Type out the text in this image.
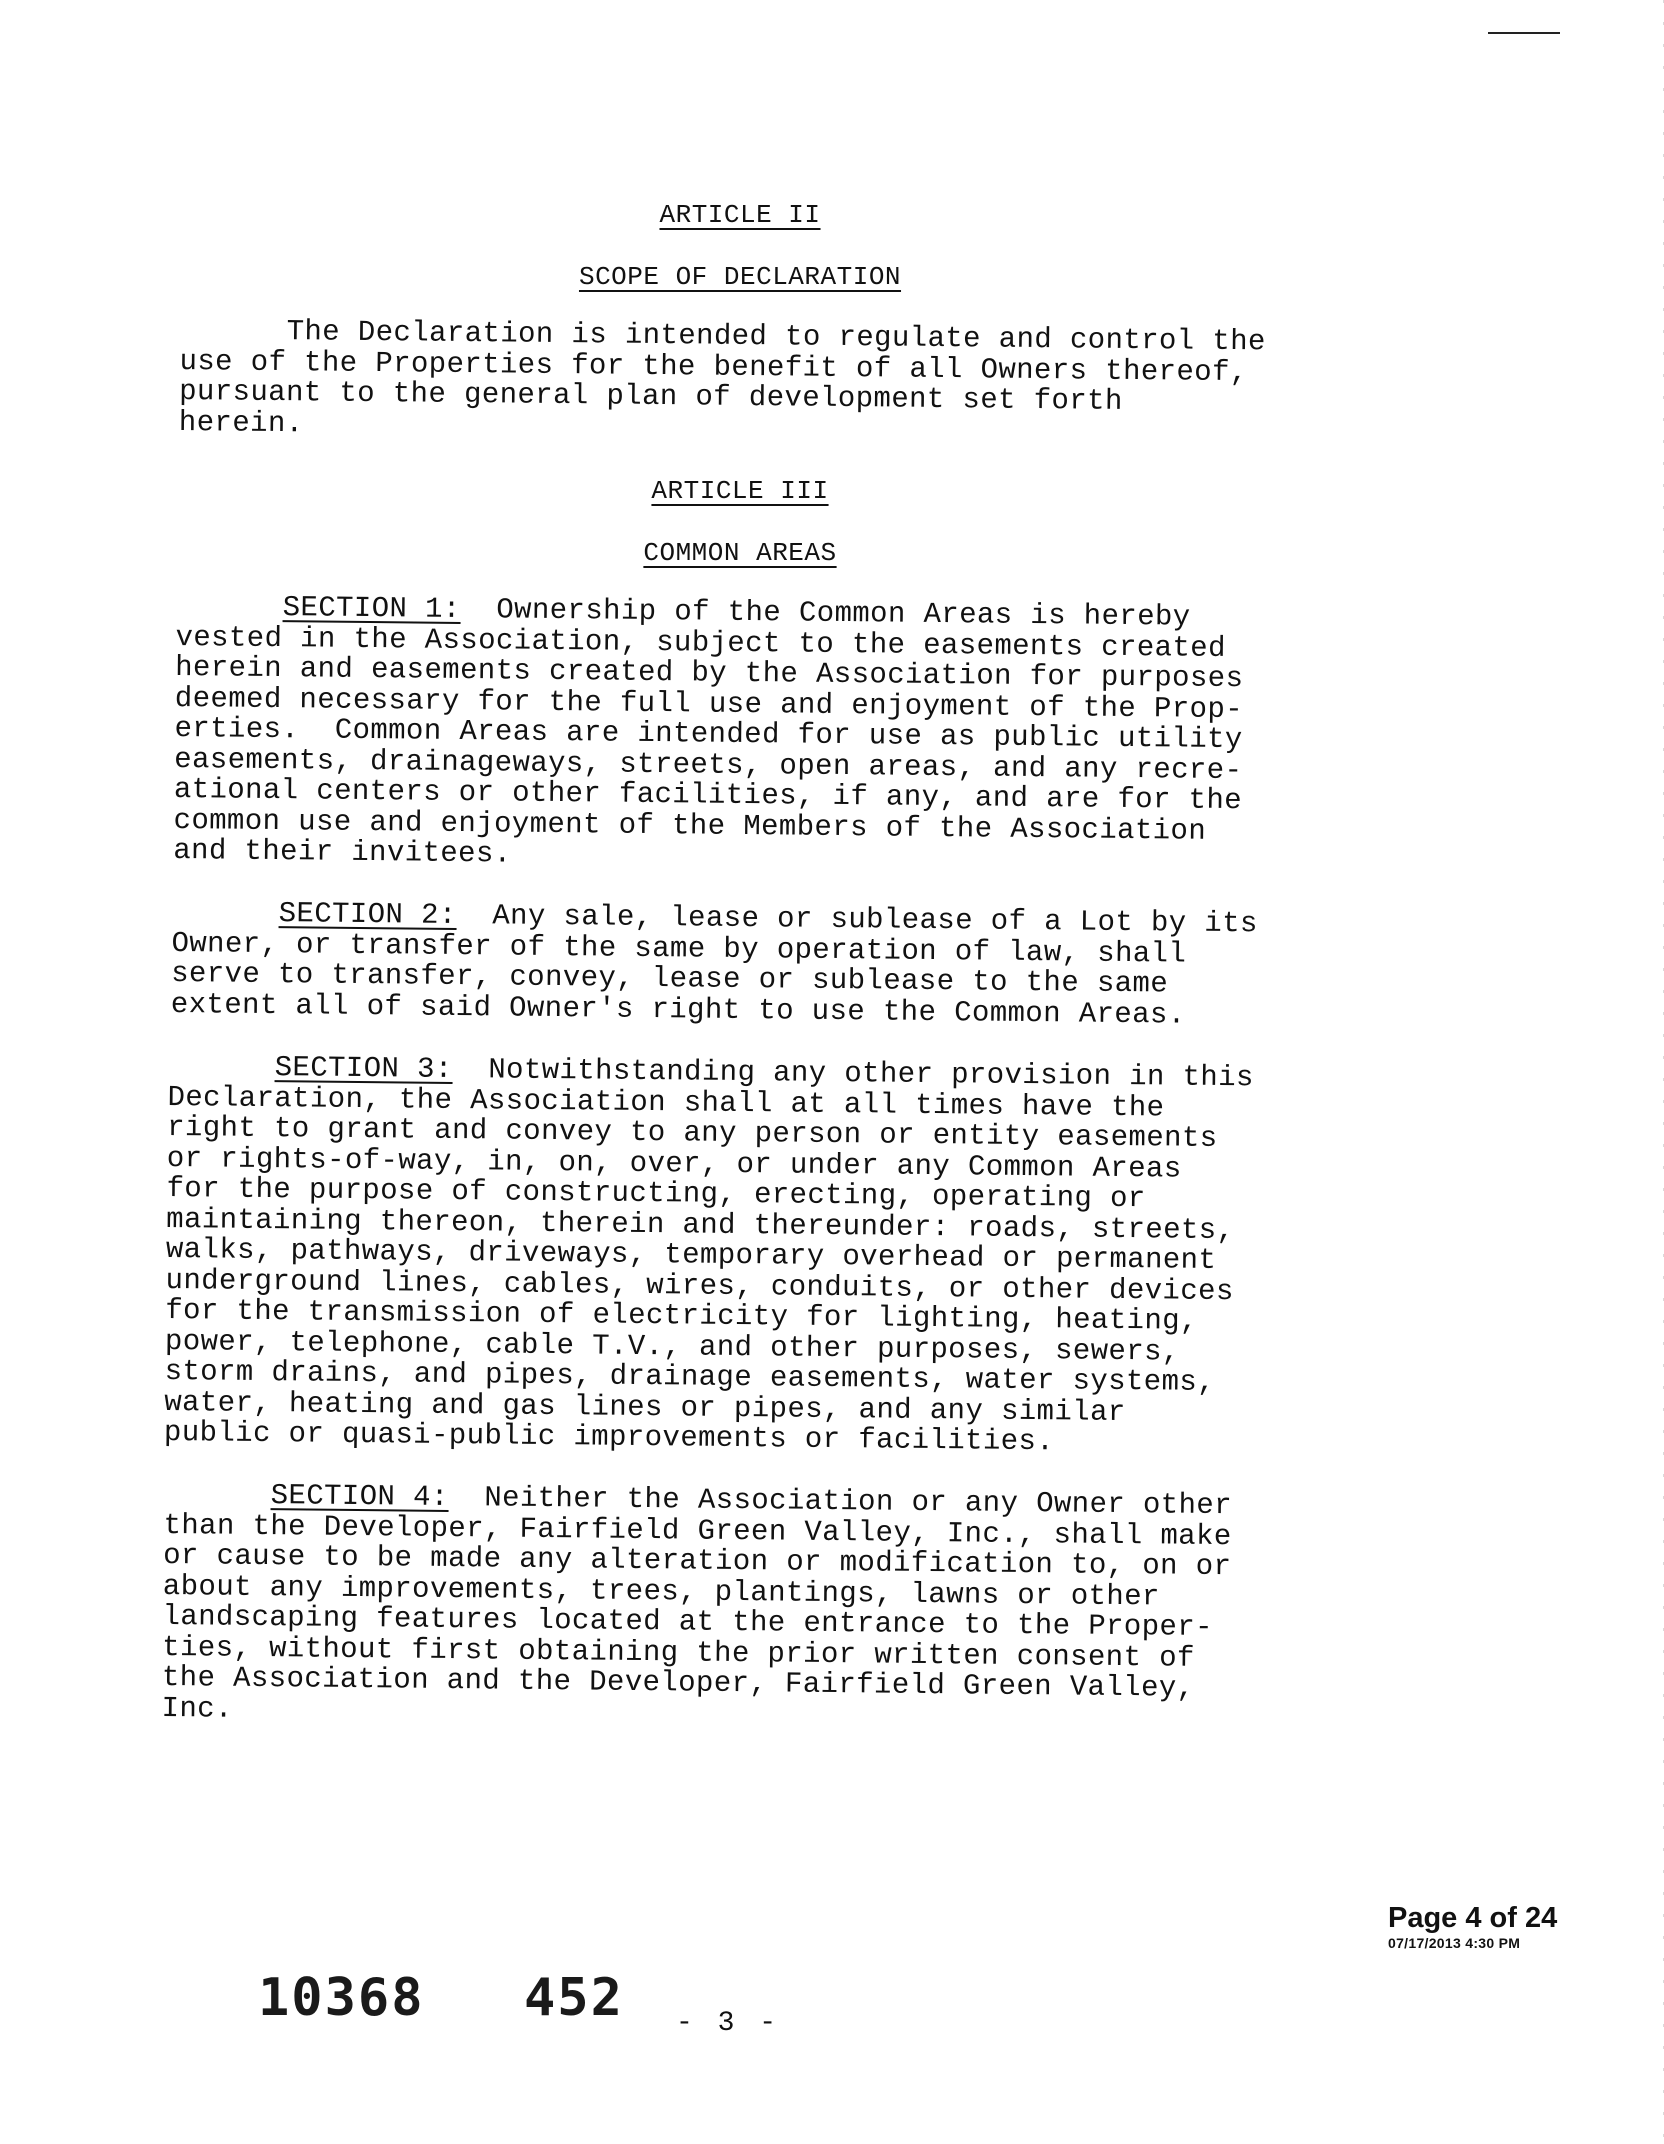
ARTICLE II
SCOPE OF DECLARATION
The Declaration is intended to regulate and control the
use of the Properties for the benefit of all Owners thereof,
pursuant to the general plan of development set forth
herein.
ARTICLE III
COMMON AREAS
SECTION 1:  Ownership of the Common Areas is hereby
vested in the Association, subject to the easements created
herein and easements created by the Association for purposes
deemed necessary for the full use and enjoyment of the Prop-
erties.  Common Areas are intended for use as public utility
easements, drainageways, streets, open areas, and any recre-
ational centers or other facilities, if any, and are for the
common use and enjoyment of the Members of the Association
and their invitees.
SECTION 2:  Any sale, lease or sublease of a Lot by its
Owner, or transfer of the same by operation of law, shall
serve to transfer, convey, lease or sublease to the same
extent all of said Owner's right to use the Common Areas.
SECTION 3:  Notwithstanding any other provision in this
Declaration, the Association shall at all times have the
right to grant and convey to any person or entity easements
or rights-of-way, in, on, over, or under any Common Areas
for the purpose of constructing, erecting, operating or
maintaining thereon, therein and thereunder: roads, streets,
walks, pathways, driveways, temporary overhead or permanent
underground lines, cables, wires, conduits, or other devices
for the transmission of electricity for lighting, heating,
power, telephone, cable T.V., and other purposes, sewers,
storm drains, and pipes, drainage easements, water systems,
water, heating and gas lines or pipes, and any similar
public or quasi-public improvements or facilities.
SECTION 4:  Neither the Association or any Owner other
than the Developer, Fairfield Green Valley, Inc., shall make
or cause to be made any alteration or modification to, on or
about any improvements, trees, plantings, lawns or other
landscaping features located at the entrance to the Proper-
ties, without first obtaining the prior written consent of
the Association and the Developer, Fairfield Green Valley,
Inc.
Page 4 of 24
07/17/2013 4:30 PM
10368 452 - 3 -
